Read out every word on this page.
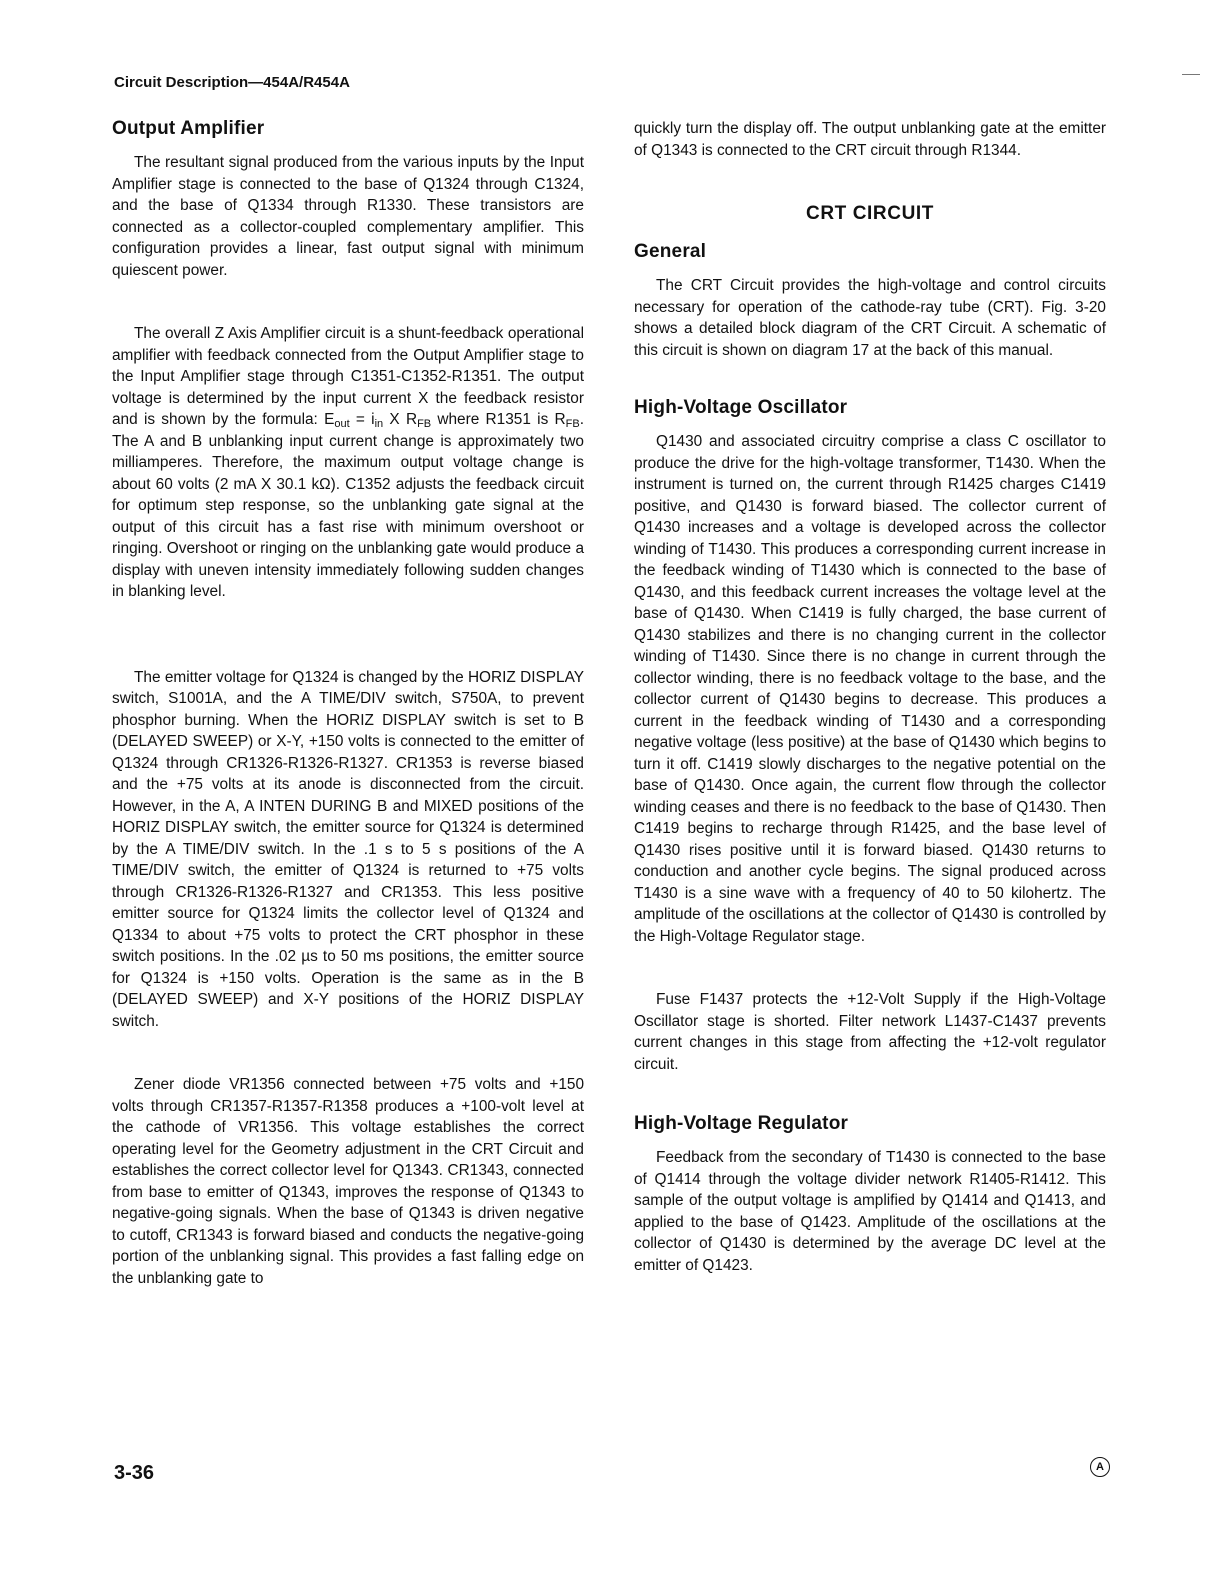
Circuit Description—454A/R454A
Output Amplifier

The resultant signal produced from the various inputs by the Input Amplifier stage is connected to the base of Q1324 through C1324, and the base of Q1334 through R1330. These transistors are connected as a collector-coupled complementary amplifier. This configuration provides a linear, fast output signal with minimum quiescent power.

The overall Z Axis Amplifier circuit is a shunt-feedback operational amplifier with feedback connected from the Output Amplifier stage to the Input Amplifier stage through C1351-C1352-R1351. The output voltage is determined by the input current X the feedback resistor and is shown by the formula: $E_{out} = i_{in}$ X $R_{FB}$ where R1351 is $R_{FB}$. The A and B unblanking input current change is approximately two milliamperes. Therefore, the maximum output voltage change is about 60 volts (2 mA X 30.1 kΩ). C1352 adjusts the feedback circuit for optimum step response, so the unblanking gate signal at the output of this circuit has a fast rise with minimum overshoot or ringing. Overshoot or ringing on the unblanking gate would produce a display with uneven intensity immediately following sudden changes in blanking level.

The emitter voltage for Q1324 is changed by the HORIZ DISPLAY switch, S1001A, and the A TIME/DIV switch, S750A, to prevent phosphor burning. When the HORIZ DISPLAY switch is set to B (DELAYED SWEEP) or X-Y, +150 volts is connected to the emitter of Q1324 through CR1326-R1326-R1327. CR1353 is reverse biased and the +75 volts at its anode is disconnected from the circuit. However, in the A, A INTEN DURING B and MIXED positions of the HORIZ DISPLAY switch, the emitter source for Q1324 is determined by the A TIME/DIV switch. In the .1 s to 5 s positions of the A TIME/DIV switch, the emitter of Q1324 is returned to +75 volts through CR1326-R1326-R1327 and CR1353. This less positive emitter source for Q1324 limits the collector level of Q1324 and Q1334 to about +75 volts to protect the CRT phosphor in these switch positions. In the .02 µs to 50 ms positions, the emitter source for Q1324 is +150 volts. Operation is the same as in the B (DELAYED SWEEP) and X-Y positions of the HORIZ DISPLAY switch.

Zener diode VR1356 connected between +75 volts and +150 volts through CR1357-R1357-R1358 produces a +100-volt level at the cathode of VR1356. This voltage establishes the correct operating level for the Geometry adjustment in the CRT Circuit and establishes the correct collector level for Q1343. CR1343, connected from base to emitter of Q1343, improves the response of Q1343 to negative-going signals. When the base of Q1343 is driven negative to cutoff, CR1343 is forward biased and conducts the negative-going portion of the unblanking signal. This provides a fast falling edge on the unblanking gate to

quickly turn the display off. The output unblanking gate at the emitter of Q1343 is connected to the CRT circuit through R1344.

CRT CIRCUIT
General

The CRT Circuit provides the high-voltage and control circuits necessary for operation of the cathode-ray tube (CRT). Fig. 3-20 shows a detailed block diagram of the CRT Circuit. A schematic of this circuit is shown on diagram 17 at the back of this manual.

High-Voltage Oscillator

Q1430 and associated circuitry comprise a class C oscillator to produce the drive for the high-voltage transformer, T1430. When the instrument is turned on, the current through R1425 charges C1419 positive, and Q1430 is forward biased. The collector current of Q1430 increases and a voltage is developed across the collector winding of T1430. This produces a corresponding current increase in the feedback winding of T1430 which is connected to the base of Q1430, and this feedback current increases the voltage level at the base of Q1430. When C1419 is fully charged, the base current of Q1430 stabilizes and there is no changing current in the collector winding of T1430. Since there is no change in current through the collector winding, there is no feedback voltage to the base, and the collector current of Q1430 begins to decrease. This produces a current in the feedback winding of T1430 and a corresponding negative voltage (less positive) at the base of Q1430 which begins to turn it off. C1419 slowly discharges to the negative potential on the base of Q1430. Once again, the current flow through the collector winding ceases and there is no feedback to the base of Q1430. Then C1419 begins to recharge through R1425, and the base level of Q1430 rises positive until it is forward biased. Q1430 returns to conduction and another cycle begins. The signal produced across T1430 is a sine wave with a frequency of 40 to 50 kilohertz. The amplitude of the oscillations at the collector of Q1430 is controlled by the High-Voltage Regulator stage.

Fuse F1437 protects the +12-Volt Supply if the High-Voltage Oscillator stage is shorted. Filter network L1437-C1437 prevents current changes in this stage from affecting the +12-volt regulator circuit.

High-Voltage Regulator

Feedback from the secondary of T1430 is connected to the base of Q1414 through the voltage divider network R1405-R1412. This sample of the output voltage is amplified by Q1414 and Q1413, and applied to the base of Q1423. Amplitude of the oscillations at the collector of Q1430 is determined by the average DC level at the emitter of Q1423.

3-36	A
